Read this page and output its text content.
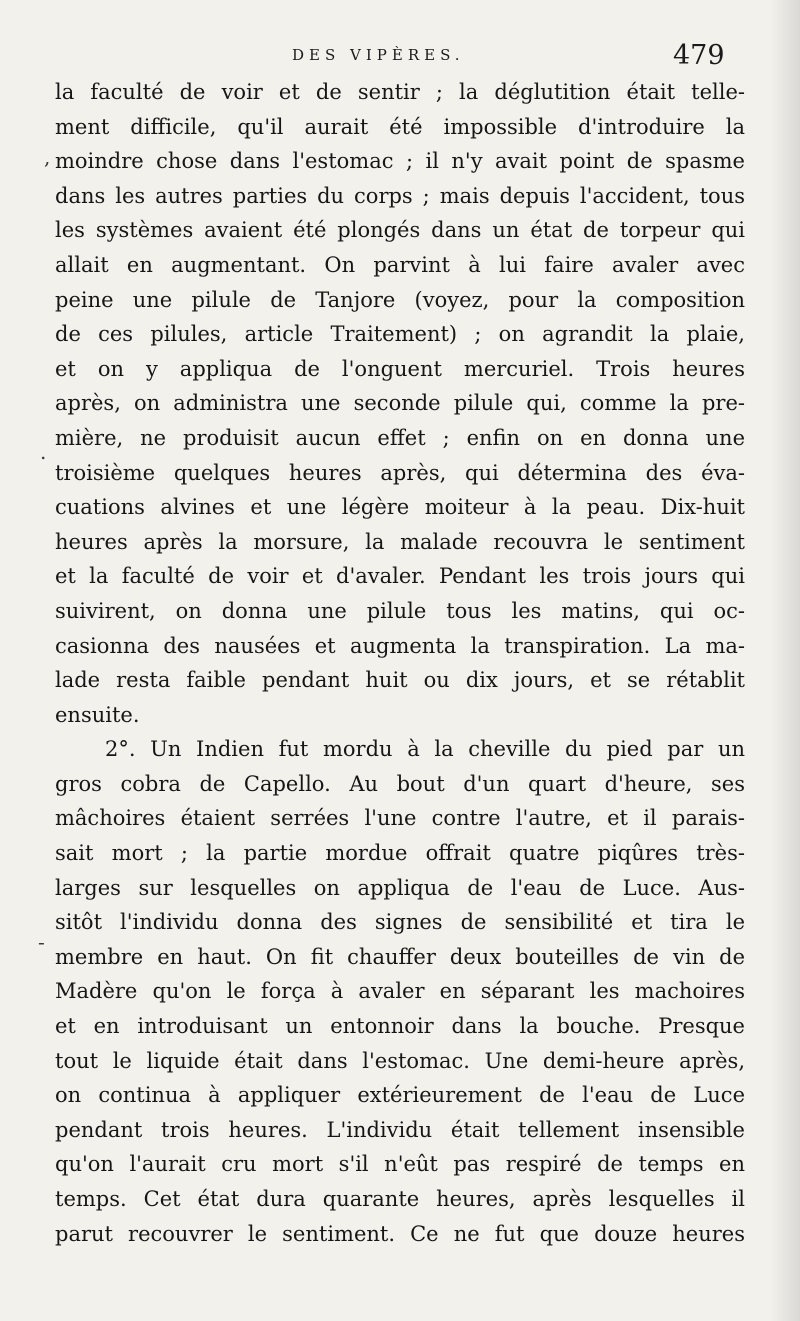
DES VIPÈRES.	479
,
.
-
la faculté de voir et de sentir ; la déglutition était telle-
ment difficile, qu'il aurait été impossible d'introduire la
moindre chose dans l'estomac ; il n'y avait point de spasme
dans les autres parties du corps ; mais depuis l'accident, tous
les systèmes avaient été plongés dans un état de torpeur qui
allait en augmentant. On parvint à lui faire avaler avec
peine une pilule de Tanjore (voyez, pour la composition
de ces pilules, article Traitement) ; on agrandit la plaie,
et on y appliqua de l'onguent mercuriel. Trois heures
après, on administra une seconde pilule qui, comme la pre-
mière, ne produisit aucun effet ; enfin on en donna une
troisième quelques heures après, qui détermina des éva-
cuations alvines et une légère moiteur à la peau. Dix-huit
heures après la morsure, la malade recouvra le sentiment
et la faculté de voir et d'avaler. Pendant les trois jours qui
suivirent, on donna une pilule tous les matins, qui oc-
casionna des nausées et augmenta la transpiration. La ma-
lade resta faible pendant huit ou dix jours, et se rétablit
ensuite.
2°. Un Indien fut mordu à la cheville du pied par un
gros cobra de Capello. Au bout d'un quart d'heure, ses
mâchoires étaient serrées l'une contre l'autre, et il parais-
sait mort ; la partie mordue offrait quatre piqûres très-
larges sur lesquelles on appliqua de l'eau de Luce. Aus-
sitôt l'individu donna des signes de sensibilité et tira le
membre en haut. On fit chauffer deux bouteilles de vin de
Madère qu'on le força à avaler en séparant les machoires
et en introduisant un entonnoir dans la bouche. Presque
tout le liquide était dans l'estomac. Une demi-heure après,
on continua à appliquer extérieurement de l'eau de Luce
pendant trois heures. L'individu était tellement insensible
qu'on l'aurait cru mort s'il n'eût pas respiré de temps en
temps. Cet état dura quarante heures, après lesquelles il
parut recouvrer le sentiment. Ce ne fut que douze heures
